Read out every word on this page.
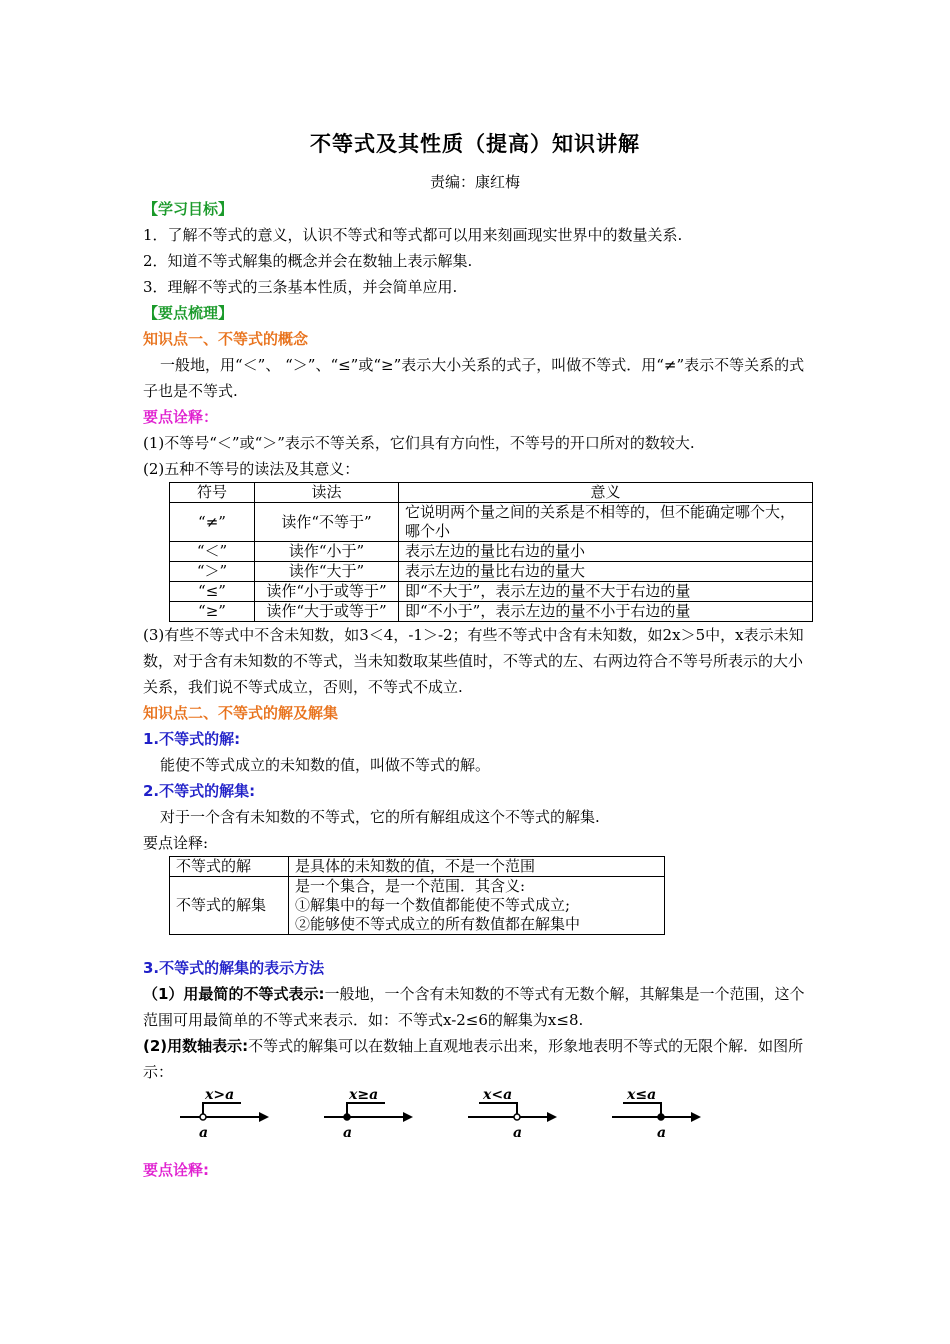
不等式及其性质（提高）知识讲解
责编：康红梅

【学习目标】

1．了解不等式的意义，认识不等式和等式都可以用来刻画现实世界中的数量关系.

2．知道不等式解集的概念并会在数轴上表示解集.

3．理解不等式的三条基本性质，并会简单应用.

【要点梳理】

知识点一、不等式的概念

一般地，用“＜”、 “＞”、“≤”或“≥”表示大小关系的式子，叫做不等式．用“≠”表示不等关系的式子也是不等式.

要点诠释：

(1)不等号“＜”或“＞”表示不等关系，它们具有方向性，不等号的开口所对的数较大.

(2)五种不等号的读法及其意义：

符号	读法	意义
“≠”	读作“不等于”	它说明两个量之间的关系是不相等的，但不能确定哪个大，哪个小
“＜”	读作“小于”	表示左边的量比右边的量小
“＞”	读作“大于”	表示左边的量比右边的量大
“≤”	读作“小于或等于”	即“不大于”，表示左边的量不大于右边的量
“≥”	读作“大于或等于”	即“不小于”，表示左边的量不小于右边的量

(3)有些不等式中不含未知数，如3＜4，-1＞-2；有些不等式中含有未知数，如2x＞5中，x表示未知数，对于含有未知数的不等式，当未知数取某些值时，不等式的左、右两边符合不等号所表示的大小关系，我们说不等式成立，否则，不等式不成立.

知识点二、不等式的解及解集

1.不等式的解:

能使不等式成立的未知数的值，叫做不等式的解。

2.不等式的解集:

对于一个含有未知数的不等式，它的所有解组成这个不等式的解集.

要点诠释:

不等式的解	是具体的未知数的值，不是一个范围
不等式的解集	是一个集合，是一个范围．其含义:
①解集中的每一个数值都能使不等式成立;
②能够使不等式成立的所有数值都在解集中

3.不等式的解集的表示方法

（1）用最简的不等式表示:一般地，一个含有未知数的不等式有无数个解，其解集是一个范围，这个范围可用最简单的不等式来表示．如：不等式x-2≤6的解集为x≤8.

(2)用数轴表示:不等式的解集可以在数轴上直观地表示出来，形象地表明不等式的无限个解．如图所示：

x>a
a
x≥a
a
x<a
a
x≤a
a

要点诠释:
